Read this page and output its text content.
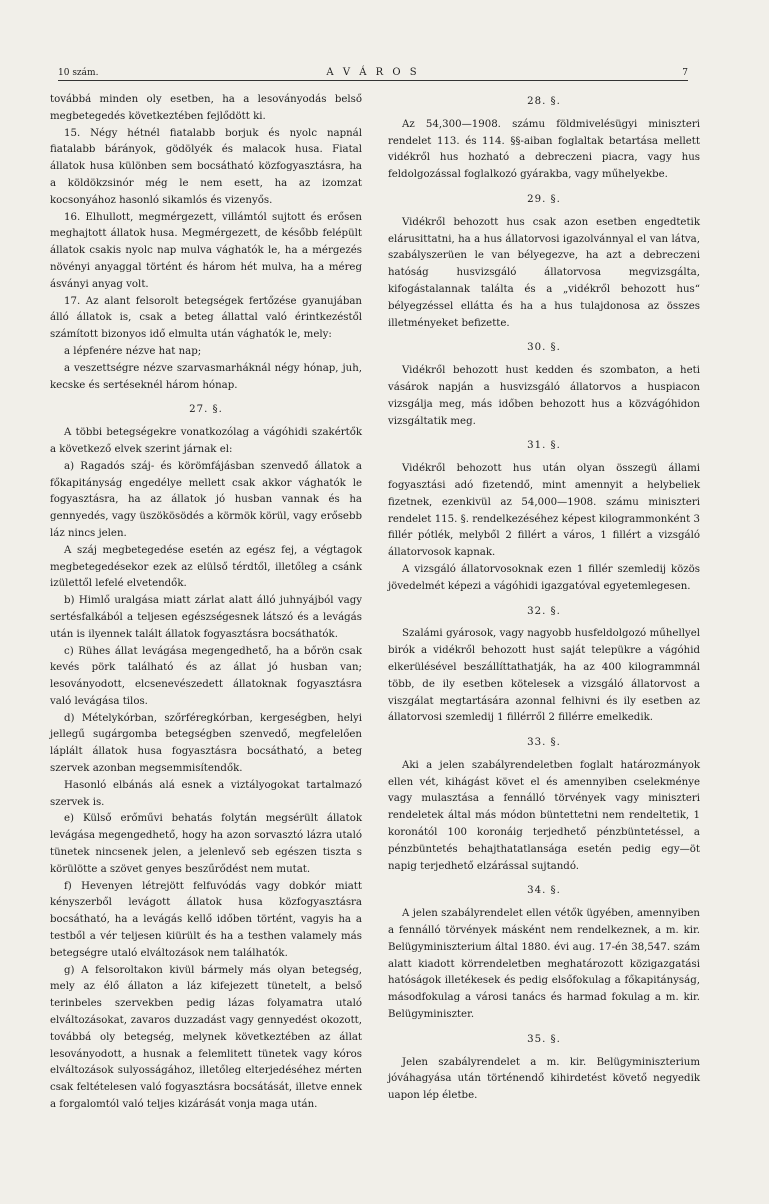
10 szám.	A V Á R O S	7

továbbá minden oly esetben, ha a lesoványodás belső megbetegedés következtében fejlődött ki.

15. Négy hétnél fiatalabb borjuk és nyolc napnál fiatalabb bárányok, gödölyék és malacok husa. Fiatal állatok husa különben sem bocsátható közfogyasztásra, ha a köldökzsinór még le nem esett, ha az izomzat kocsonyához hasonló sikamlós és vizenyős.

16. Elhullott, megmérgezett, villámtól sujtott és erősen meghajtott állatok husa. Megmérgezett, de később felépült állatok csakis nyolc nap mulva vághatók le, ha a mérgezés növényi anyaggal történt és három hét mulva, ha a méreg ásványi anyag volt.

17. Az alant felsorolt betegségek fertőzése gyanujában álló állatok is, csak a beteg állattal való érintkezéstől számított bizonyos idő elmulta után vághatók le, mely:

a lépfenére nézve hat nap;

a veszettségre nézve szarvasmarháknál négy hónap, juh, kecske és sertéseknél három hónap.

27. §.

A többi betegségekre vonatkozólag a vágóhidi szakértők a következő elvek szerint járnak el:

a) Ragadós száj- és körömfájásban szenvedő állatok a főkapitányság engedélye mellett csak akkor vághatók le fogyasztásra, ha az állatok jó husban vannak és ha gennyedés, vagy üszökösödés a körmök körül, vagy erősebb láz nincs jelen.

A száj megbetegedése esetén az egész fej, a végtagok megbetegedésekor ezek az elülső térdtől, illetőleg a csánk izülettől lefelé elvetendők.

b) Himlő uralgása miatt zárlat alatt álló juhnyájból vagy sertésfalkából a teljesen egészségesnek látszó és a levágás után is ilyennek talált állatok fogyasztásra bocsáthatók.

c) Rühes állat levágása megengedhető, ha a bőrön csak kevés pörk található és az állat jó husban van; lesoványodott, elcsenevészedett állatoknak fogyasztásra való levágása tilos.

d) Mételykórban, szőrféregkórban, kergeségben, helyi jellegű sugárgomba betegségben szenvedő, megfelelően láplált állatok husa fogyasztásra bocsátható, a beteg szervek azonban megsemmisítendők.

Hasonló elbánás alá esnek a viztályogokat tartalmazó szervek is.

e) Külső erőművi behatás folytán megsérült állatok levágása megengedhető, hogy ha azon sorvasztó lázra utaló tünetek nincsenek jelen, a jelenlevő seb egészen tiszta s körülötte a szövet genyes beszűrődést nem mutat.

f) Hevenyen létrejött felfuvódás vagy dobkór miatt kényszerből levágott állatok husa közfogyasztásra bocsátható, ha a levágás kellő időben történt, vagyis ha a testből a vér teljesen kiürült és ha a testhen valamely más betegségre utaló elváltozások nem találhatók.

g) A felsoroltakon kivül bármely más olyan betegség, mely az élő állaton a láz kifejezett tünetelt, a belső terinbeles szervekben pedig lázas folyamatra utaló elváltozásokat, zavaros duzzadást vagy gennyedést okozott, továbbá oly betegség, melynek következtében az állat lesoványodott, a husnak a felemlitett tünetek vagy kóros elváltozások sulyosságához, illetőleg elterjedéséhez mérten csak feltételesen való fogyasztásra bocsátását, illetve ennek a forgalomtól való teljes kizárását vonja maga után.

28. §.

Az 54,300—1908. számu földmivelésügyi miniszteri rendelet 113. és 114. §§-aiban foglaltak betartása mellett vidékről hus hozható a debreczeni piacra, vagy hus feldolgozással foglalkozó gyárakba, vagy műhelyekbe.

29. §.

Vidékről behozott hus csak azon esetben engedtetik elárusittatni, ha a hus állatorvosi igazolvánnyal el van látva, szabályszerüen le van bélyegezve, ha azt a debreczeni hatóság husvizsgáló állatorvosa megvizsgálta, kifogástalannak találta és a „vidékről behozott hus“ bélyegzéssel ellátta és ha a hus tulajdonosa az összes illetményeket befizette.

30. §.

Vidékről behozott hust kedden és szombaton, a heti vásárok napján a husvizsgáló állatorvos a huspiacon vizsgálja meg, más időben behozott hus a közvágóhidon vizsgáltatik meg.

31. §.

Vidékről behozott hus után olyan összegü állami fogyasztási adó fizetendő, mint amennyit a helybeliek fizetnek, ezenkivül az 54,000—1908. számu miniszteri rendelet 115. §. rendelkezéséhez képest kilogrammonként 3 fillér pótlék, melyből 2 fillért a város, 1 fillért a vizsgáló állatorvosok kapnak.

A vizsgáló állatorvosoknak ezen 1 fillér szemledij közös jövedelmét képezi a vágóhidi igazgatóval egyetemlegesen.

32. §.

Szalámi gyárosok, vagy nagyobb husfeldolgozó műhellyel birók a vidékről behozott hust saját telepükre a vágóhid elkerülésével beszállíttathatják, ha az 400 kilogrammnál több, de ily esetben kötelesek a vizsgáló állatorvost a viszgálat megtartására azonnal felhivni és ily esetben az állatorvosi szemledij 1 fillérről 2 fillérre emelkedik.

33. §.

Aki a jelen szabályrendeletben foglalt határozmányok ellen vét, kihágást követ el és amennyiben cselekménye vagy mulasztása a fennálló törvények vagy miniszteri rendeletek által más módon büntettetni nem rendeltetik, 1 koronától 100 koronáig terjedhető pénzbüntetéssel, a pénzbüntetés behajthatatlansága esetén pedig egy—öt napig terjedhető elzárással sujtandó.

34. §.

A jelen szabályrendelet ellen vétők ügyében, amennyiben a fennálló törvények másként nem rendelkeznek, a m. kir. Belügyminiszterium által 1880. évi aug. 17-én 38,547. szám alatt kiadott körrendeletben meghatározott közigazgatási hatóságok illetékesek és pedig elsőfokulag a főkapitányság, másodfokulag a városi tanács és harmad fokulag a m. kir. Belügyminiszter.

35. §.

Jelen szabályrendelet a m. kir. Belügyminiszterium jóváhagyása után történendő kihirdetést követő negyedik uapon lép életbe.
